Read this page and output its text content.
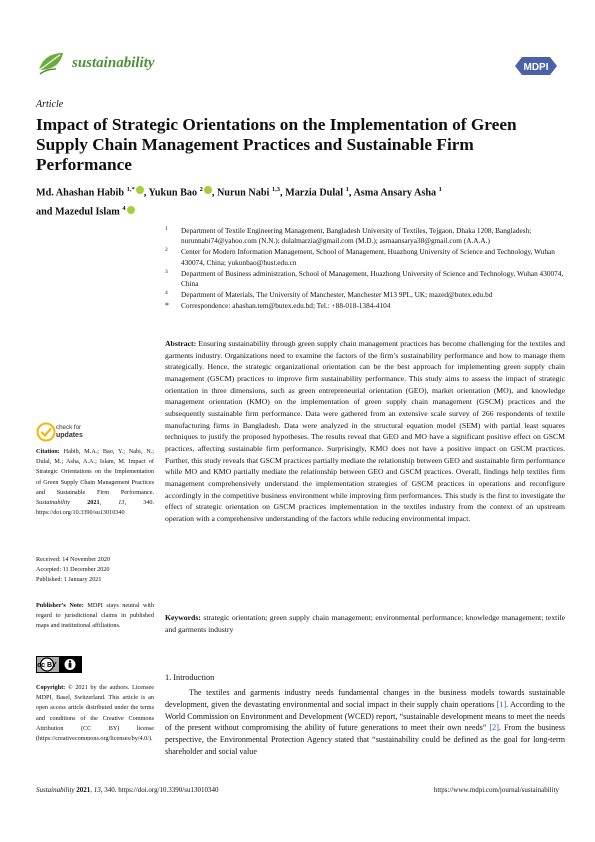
sustainability	MDPI
Article
Impact of Strategic Orientations on the Implementation of Green Supply Chain Management Practices and Sustainable Firm Performance
Md. Ahashan Habib $^{1,*}$ , Yukun Bao $^2$ , Nurun Nabi $^{1,3}$, Marzia Dulal $^1$, Asma Ansary Asha $^1$
and Mazedul Islam $^4$
1 Department of Textile Engineering Management, Bangladesh University of Textiles, Tejgaon, Dhaka 1208, Bangladesh; nurunnabi74@yahoo.com (N.N.); dulalmarzia@gmail.com (M.D.); asmaansarya38@gmail.com (A.A.A.)
2 Center for Modern Information Management, School of Management, Huazhong University of Science and Technology, Wuhan 430074, China; yukunbao@hust.edu.cn
3 Department of Business administration, School of Management, Huazhong University of Science and Technology, Wuhan 430074, China
4 Department of Materials, The University of Manchester, Manchester M13 9PL, UK; mazed@butex.edu.bd
* Correspondence: ahashan.tem@butex.edu.bd; Tel.: +88-018-1384-4104
Abstract: Ensuring sustainability through green supply chain management practices has become challenging for the textiles and garments industry. Organizations need to examine the factors of the firm’s sustainability performance and how to manage them strategically. Hence, the strategic organizational orientation can be the best approach for implementing green supply chain management (GSCM) practices to improve firm sustainability performance. This study aims to assess the impact of strategic orientation in three dimensions, such as green entrepreneurial orientation (GEO), market orientation (MO), and knowledge management orientation (KMO) on the implementation of green supply chain management (GSCM) practices and the subsequently sustainable firm performance. Data were gathered from an extensive scale survey of 266 respondents of textile manufacturing firms in Bangladesh. Data were analyzed in the structural equation model (SEM) with partial least squares techniques to justify the proposed hypotheses. The results reveal that GEO and MO have a significant positive effect on GSCM practices, affecting sustainable firm performance. Surprisingly, KMO does not have a positive impact on GSCM practices. Further, this study reveals that GSCM practices partially mediate the relationship between GEO and sustainable firm performance while MO and KMO partially mediate the relationship between GEO and GSCM practices. Overall, findings help textiles firm management comprehensively understand the implementation strategies of GSCM practices in operations and reconfigure accordingly in the competitive business environment while improving firm performances. This study is the first to investigate the effect of strategic orientation on GSCM practices implementation in the textiles industry from the context of an upstream operation with a comprehensive understanding of the factors while reducing environmental impact.
Keywords: strategic orientation; green supply chain management; environmental performance; knowledge management; textile and garments industry
check for
updates
Citation: Habib, M.A.; Bao, Y.; Nabi, N.; Dulal, M.; Asha, A.A.; Islam, M. Impact of Strategic Orientations on the Implementation of Green Supply Chain Management Practices and Sustainable Firm Performance. Sustainability	2021, 13, 340. https://doi.org/10.3390/su13010340
Received: 14 November 2020
Accepted: 11 December 2020
Published: 1 January 2021
Publisher’s Note: MDPI stays neutral with regard to jurisdictional claims in published maps and institutional affiliations.
cc BY
Copyright: © 2021 by the authors. Licensee MDPI, Basel, Switzerland. This article is an open access article distributed under the terms and conditions of the Creative Commons Attribution (CC BY) license (https://creativecommons.org/licenses/by/4.0/).
1. Introduction

The textiles and garments industry needs fundamental changes in the business models towards sustainable development, given the devastating environmental and social impact in their supply chain operations [1]. According to the World Commission on Environment and Development (WCED) report, “sustainable development means to meet the needs of the present without compromising the ability of future generations to meet their own needs” [2]. From the business perspective, the Environmental Protection Agency stated that “sustainability could be defined as the goal for long-term shareholder and social value

Sustainability 2021, 13, 340. https://doi.org/10.3390/su13010340	https://www.mdpi.com/journal/sustainability
